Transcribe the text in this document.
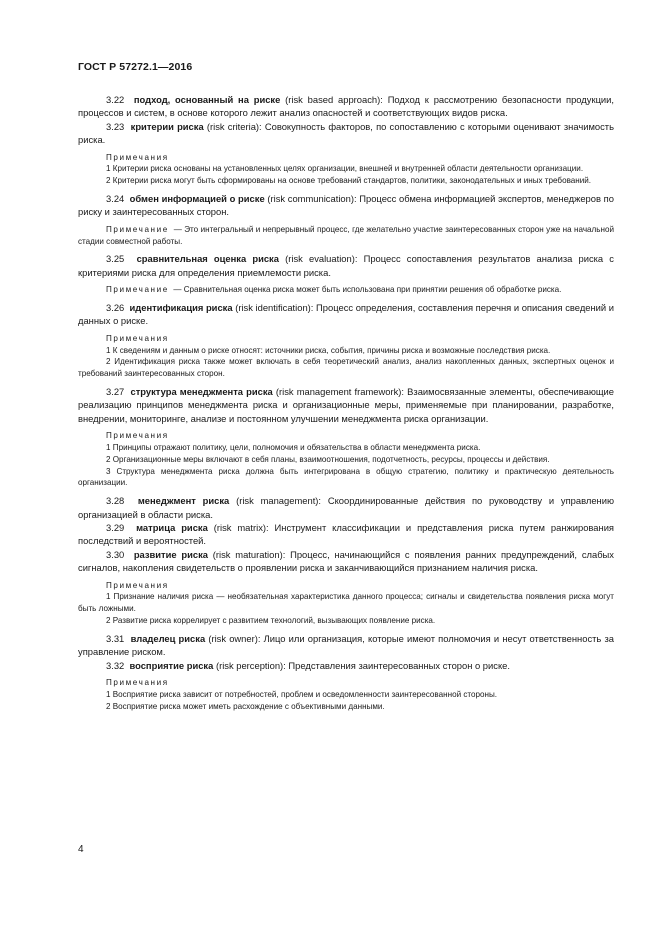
ГОСТ Р 57272.1—2016

3.22 подход, основанный на риске (risk based approach): Подход к рассмотрению безопасности продукции, процессов и систем, в основе которого лежит анализ опасностей и соответствующих видов риска.

3.23 критерии риска (risk criteria): Совокупность факторов, по сопоставлению с которыми оценивают значимость риска.

Примечания

1 Критерии риска основаны на установленных целях организации, внешней и внутренней области деятельности организации.

2 Критерии риска могут быть сформированы на основе требований стандартов, политики, законодательных и иных требований.

3.24 обмен информацией о риске (risk communication): Процесс обмена информацией экспертов, менеджеров по риску и заинтересованных сторон.

Примечание — Это интегральный и непрерывный процесс, где желательно участие заинтересованных сторон уже на начальной стадии совместной работы.

3.25 сравнительная оценка риска (risk evaluation): Процесс сопоставления результатов анализа риска с критериями риска для определения приемлемости риска.

Примечание — Сравнительная оценка риска может быть использована при принятии решения об обработке риска.

3.26 идентификация риска (risk identification): Процесс определения, составления перечня и описания сведений и данных о риске.

Примечания

1 К сведениям и данным о риске относят: источники риска, события, причины риска и возможные последствия риска.

2 Идентификация риска также может включать в себя теоретический анализ, анализ накопленных данных, экспертных оценок и требований заинтересованных сторон.

3.27 структура менеджмента риска (risk management framework): Взаимосвязанные элементы, обеспечивающие реализацию принципов менеджмента риска и организационные меры, применяемые при планировании, разработке, внедрении, мониторинге, анализе и постоянном улучшении менеджмента риска организации.

Примечания

1 Принципы отражают политику, цели, полномочия и обязательства в области менеджмента риска.

2 Организационные меры включают в себя планы, взаимоотношения, подотчетность, ресурсы, процессы и действия.

3 Структура менеджмента риска должна быть интегрирована в общую стратегию, политику и практическую деятельность организации.

3.28 менеджмент риска (risk management): Скоординированные действия по руководству и управлению организацией в области риска.

3.29 матрица риска (risk matrix): Инструмент классификации и представления риска путем ранжирования последствий и вероятностей.

3.30 развитие риска (risk maturation): Процесс, начинающийся с появления ранних предупреждений, слабых сигналов, накопления свидетельств о проявлении риска и заканчивающийся признанием наличия риска.

Примечания

1 Признание наличия риска — необязательная характеристика данного процесса; сигналы и свидетельства появления риска могут быть ложными.

2 Развитие риска коррелирует с развитием технологий, вызывающих появление риска.

3.31 владелец риска (risk owner): Лицо или организация, которые имеют полномочия и несут ответственность за управление риском.

3.32 восприятие риска (risk perception): Представления заинтересованных сторон о риске.

Примечания

1 Восприятие риска зависит от потребностей, проблем и осведомленности заинтересованной стороны.

2 Восприятие риска может иметь расхождение с объективными данными.

4
